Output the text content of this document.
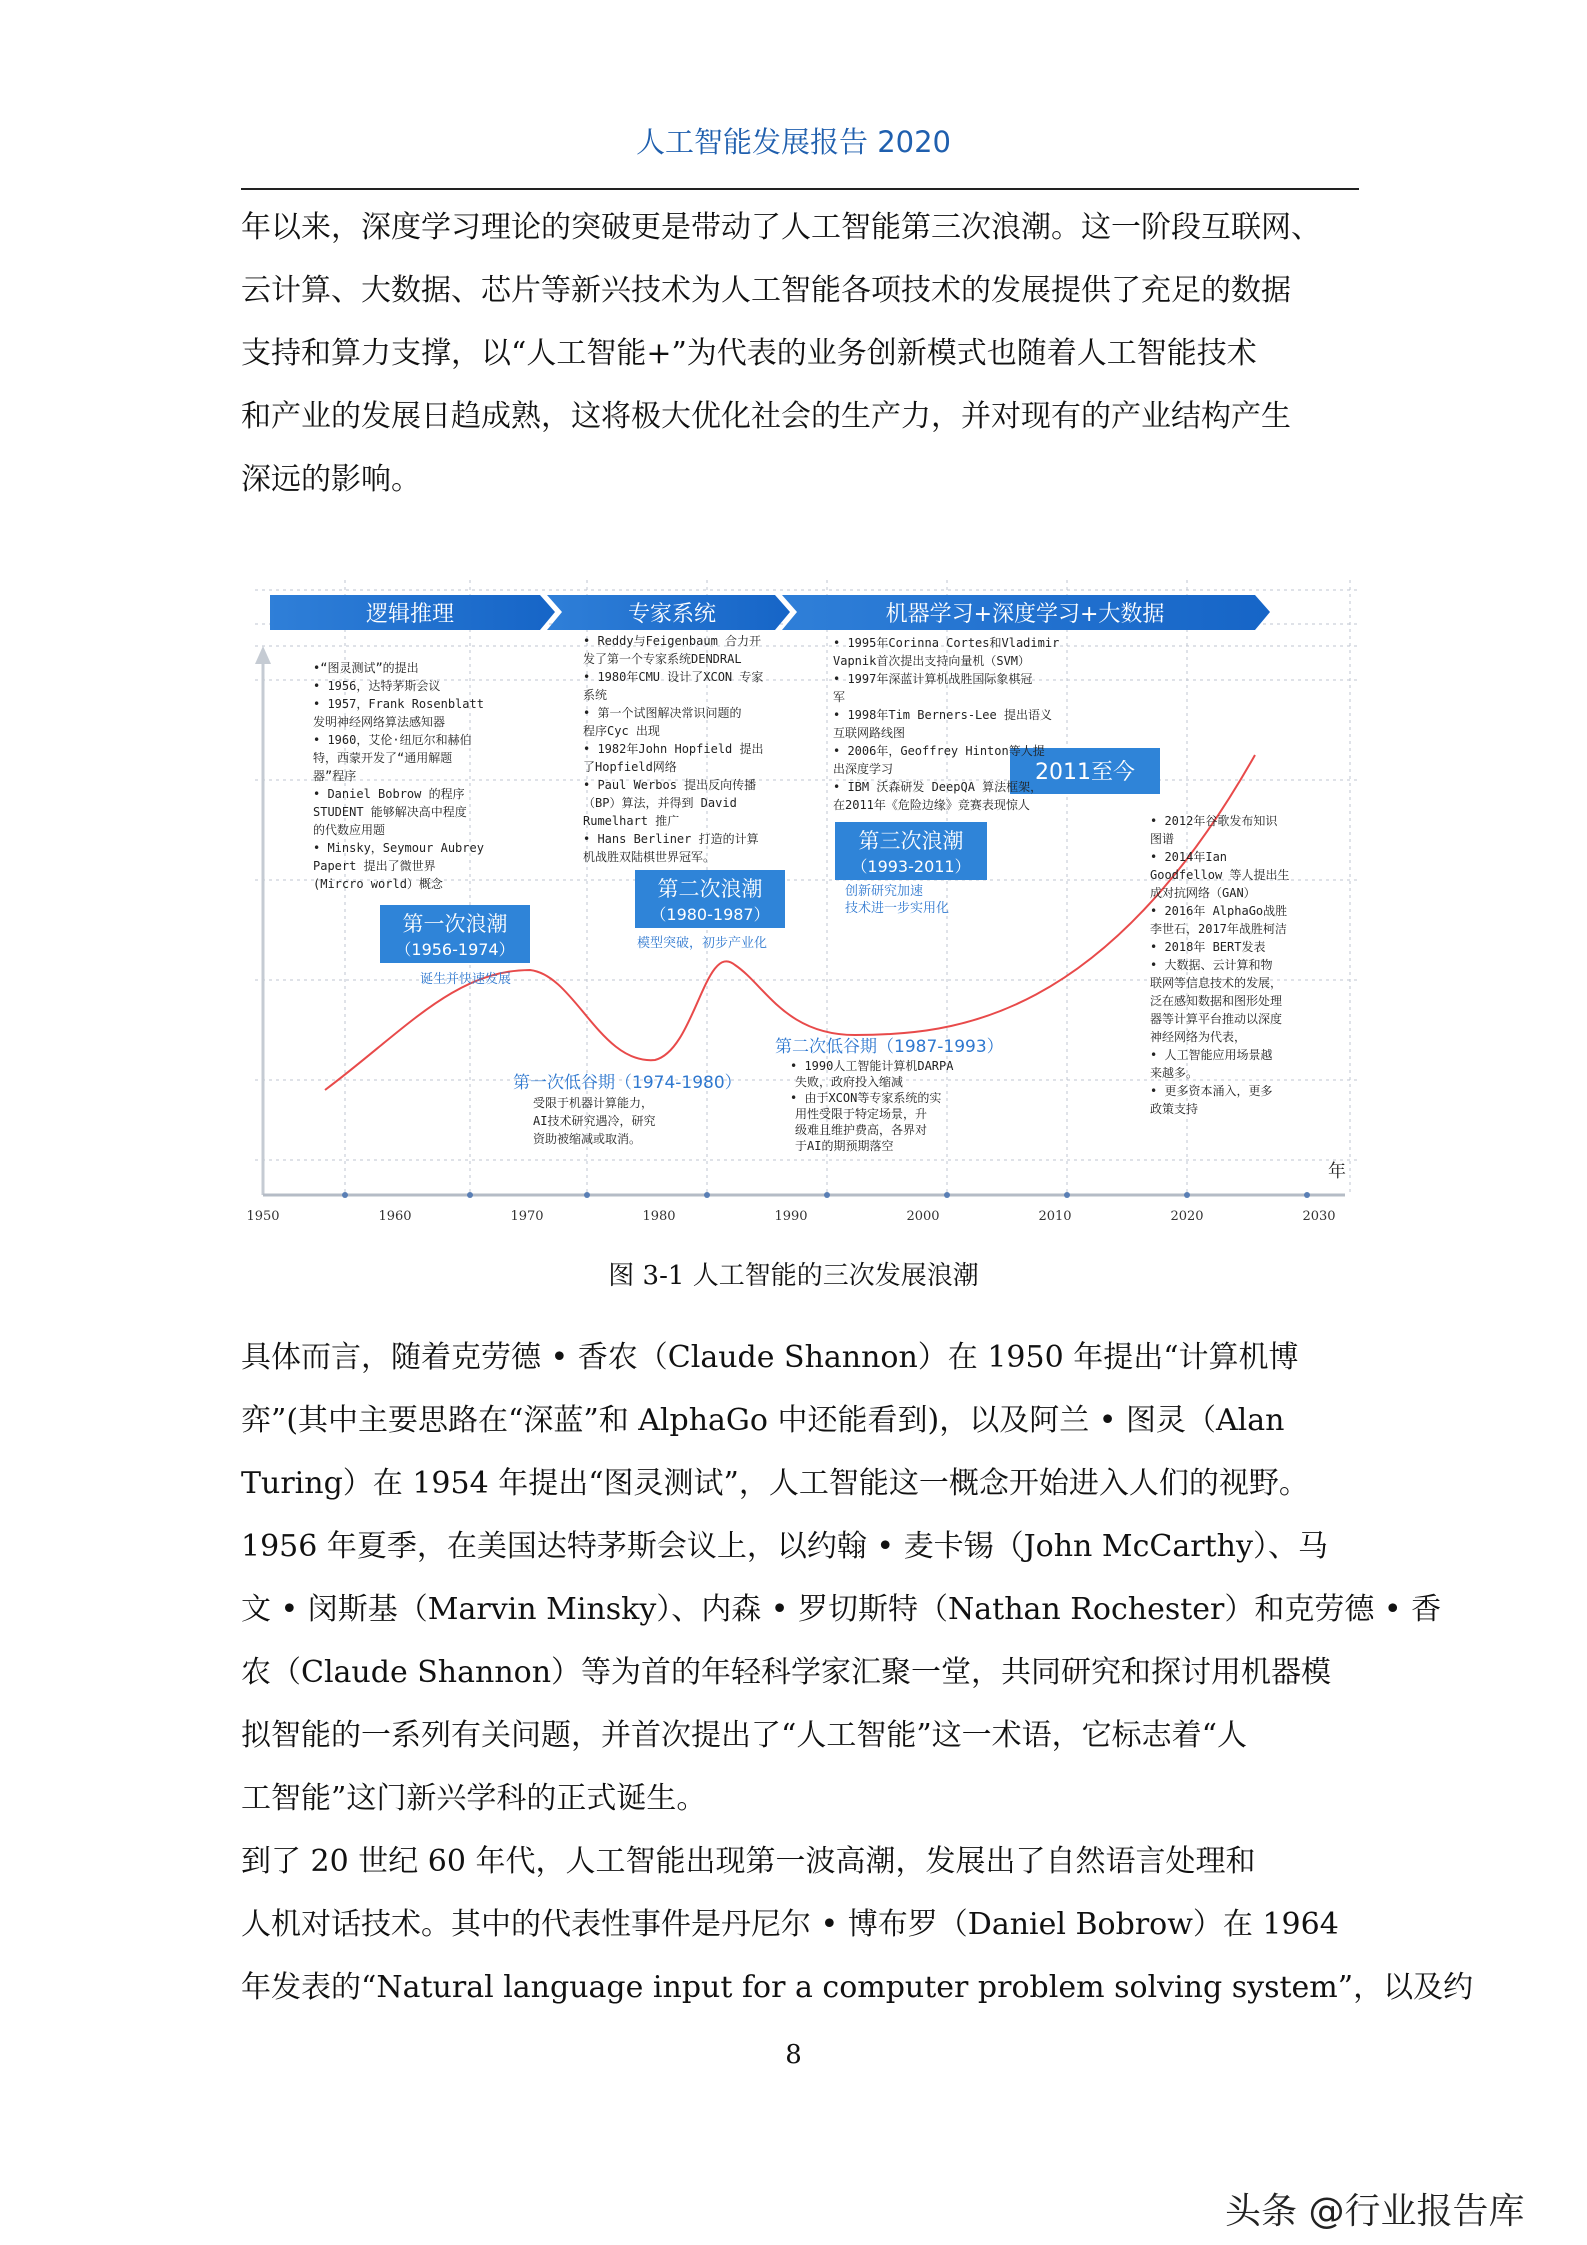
人工智能发展报告 2020
年以来，深度学习理论的突破更是带动了人工智能第三次浪潮。这一阶段互联网、
云计算、大数据、芯片等新兴技术为人工智能各项技术的发展提供了充足的数据
支持和算力支撑，以“人工智能+”为代表的业务创新模式也随着人工智能技术
和产业的发展日趋成熟，这将极大优化社会的生产力，并对现有的产业结构产生
深远的影响。
逻辑推理	专家系统	机器学习+深度学习+大数据
年
1950	1960	1970	1980	1990	2000	2010	2020	2030
第一次浪潮
（1956-1974）
诞生并快速发展
第二次浪潮
（1980-1987）
模型突破，初步产业化
第三次浪潮
（1993-2011）
创新研究加速
技术进一步实用化
2011至今
第一次低谷期（1974-1980）
受限于机器计算能力，
AI技术研究遇冷，研究
资助被缩减或取消。
第二次低谷期（1987-1993）
• 1990人工智能计算机DARPA
失败，政府投入缩减
• 由于XCON等专家系统的实
用性受限于特定场景，升
级难且维护费高，各界对
于AI的期预期落空
•“图灵测试”的提出
• 1956，达特茅斯会议
• 1957，Frank Rosenblatt
发明神经网络算法感知器
• 1960，艾伦·纽厄尔和赫伯
特，西蒙开发了“通用解题
器”程序
• Daniel Bobrow 的程序
STUDENT 能够解决高中程度
的代数应用题
• Minsky，Seymour Aubrey
Papert 提出了微世界
(Mircro world）概念
• Reddy与Feigenbaum 合力开
发了第一个专家系统DENDRAL
• 1980年CMU 设计了XCON 专家
系统
• 第一个试图解决常识问题的
程序Cyc 出现
• 1982年John Hopfield 提出
了Hopfield网络
• Paul Werbos 提出反向传播
（BP）算法，并得到 David
Rumelhart 推广
• Hans Berliner 打造的计算
机战胜双陆棋世界冠军。
• 1995年Corinna Cortes和Vladimir
Vapnik首次提出支持向量机（SVM）
• 1997年深蓝计算机战胜国际象棋冠
军
• 1998年Tim Berners-Lee 提出语义
互联网路线图
• 2006年，Geoffrey Hinton等人提
出深度学习
• IBM 沃森研发 DeepQA 算法框架，
在2011年《危险边缘》竞赛表现惊人
• 2012年谷歌发布知识
图谱
• 2014年Ian
Goodfellow 等人提出生
成对抗网络（GAN）
• 2016年 AlphaGo战胜
李世石，2017年战胜柯洁
• 2018年 BERT发表
• 大数据、云计算和物
联网等信息技术的发展，
泛在感知数据和图形处理
器等计算平台推动以深度
神经网络为代表，
• 人工智能应用场景越
来越多。
• 更多资本涌入，更多
政策支持
图 3-1 人工智能的三次发展浪潮
具体而言，随着克劳德 • 香农（Claude Shannon）在 1950 年提出“计算机博
弈”(其中主要思路在“深蓝”和 AlphaGo 中还能看到)，以及阿兰 • 图灵（Alan
Turing）在 1954 年提出“图灵测试”，人工智能这一概念开始进入人们的视野。
1956 年夏季，在美国达特茅斯会议上，以约翰 • 麦卡锡（John McCarthy）、马
文 • 闵斯基（Marvin Minsky）、内森 • 罗切斯特（Nathan Rochester）和克劳德 • 香
农（Claude Shannon）等为首的年轻科学家汇聚一堂，共同研究和探讨用机器模
拟智能的一系列有关问题，并首次提出了“人工智能”这一术语，它标志着“人
工智能”这门新兴学科的正式诞生。
到了 20 世纪 60 年代，人工智能出现第一波高潮，发展出了自然语言处理和
人机对话技术。其中的代表性事件是丹尼尔 • 博布罗（Daniel Bobrow）在 1964
年发表的“Natural language input for a computer problem solving system”，以及约
8
头条 @行业报告库
